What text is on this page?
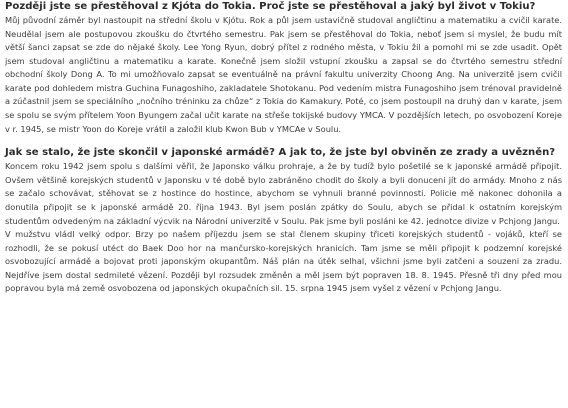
Později jste se přestěhoval z Kjóta do Tokia. Proč jste se přestěhoval a jaký byl život v Tokiu?

Můj původní záměr byl nastoupit na střední školu v Kjótu. Rok a půl jsem ustavičně studoval angličtinu a matematiku a cvičil karate. Neudělal jsem ale postupovou zkoušku do čtvrtého semestru. Pak jsem se přestěhoval do Tokia, neboť jsem si myslel, že budu mít větší šanci zapsat se zde do nějaké školy. Lee Yong Ryun, dobrý přítel z rodného města, v Tokiu žil a pomohl mi se zde usadit. Opět jsem studoval angličtinu a matematiku a karate. Konečně jsem složil vstupní zkoušku a zapsal se do čtvrtého semestru střední obchodní školy Dong A. To mi umožňovalo zapsat se eventuálně na právní fakultu univerzity Choong Ang. Na univerzitě jsem cvičil karate pod dohledem mistra Guchina Funagoshiho, zakladatele Shotokanu. Pod vedením mistra Funagoshiho jsem trénoval pravidelně a zúčastnil jsem se speciálního „nočního tréninku za chůze“ z Tokia do Kamakury. Poté, co jsem postoupil na druhý dan v karate, jsem se spolu se svým přítelem Yoon Byungem začal učit karate na střeše tokijské budovy YMCA. V pozdějších letech, po osvobození Koreje v r. 1945, se mistr Yoon do Koreje vrátil a založil klub Kwon Bub v YMCAe v Soulu.

Jak se stalo, že jste skončil v japonské armádě? A jak to, že jste byl obviněn ze zrady a uvězněn?

Koncem roku 1942 jsem spolu s dalšími věřil, že Japonsko válku prohraje, a že by tudíž bylo pošetilé se k japonské armádě připojit. Ovšem většině korejských studentů v Japonsku v té době bylo zabráněno chodit do školy a byli donuceni jít do armády. Mnoho z nás se začalo schovávat, stěhovat se z hostince do hostince, abychom se vyhnuli branné povinnosti. Policie mě nakonec dohonila a donutila připojit se k japonské armádě 20. října 1943. Byl jsem poslán zpátky do Soulu, abych se přidal k ostatním korejským studentům odvedeným na základní výcvik na Národní univerzitě v Soulu. Pak jsme byli posláni ke 42. jednotce divize v Pchjong Jangu.

V mužstvu vládl velký odpor. Brzy po našem příjezdu jsem se stal členem skupiny třiceti korejských studentů - vojáků, kteří se rozhodli, že se pokusí utéct do Baek Doo hor na mančursko-korejských hranicích. Tam jsme se měli připojit k podzemní korejské osvobozující armádě a bojovat proti japonským okupantům. Náš plán na útěk selhal, všichni jsme byli zatčeni a souzeni za zradu. Nejdříve jsem dostal sedmileté vězení. Později byl rozsudek změněn a měl jsem být popraven 18. 8. 1945. Přesně tři dny před mou popravou byla má země osvobozena od japonských okupačních sil. 15. srpna 1945 jsem vyšel z vězení v Pchjong Jangu.
